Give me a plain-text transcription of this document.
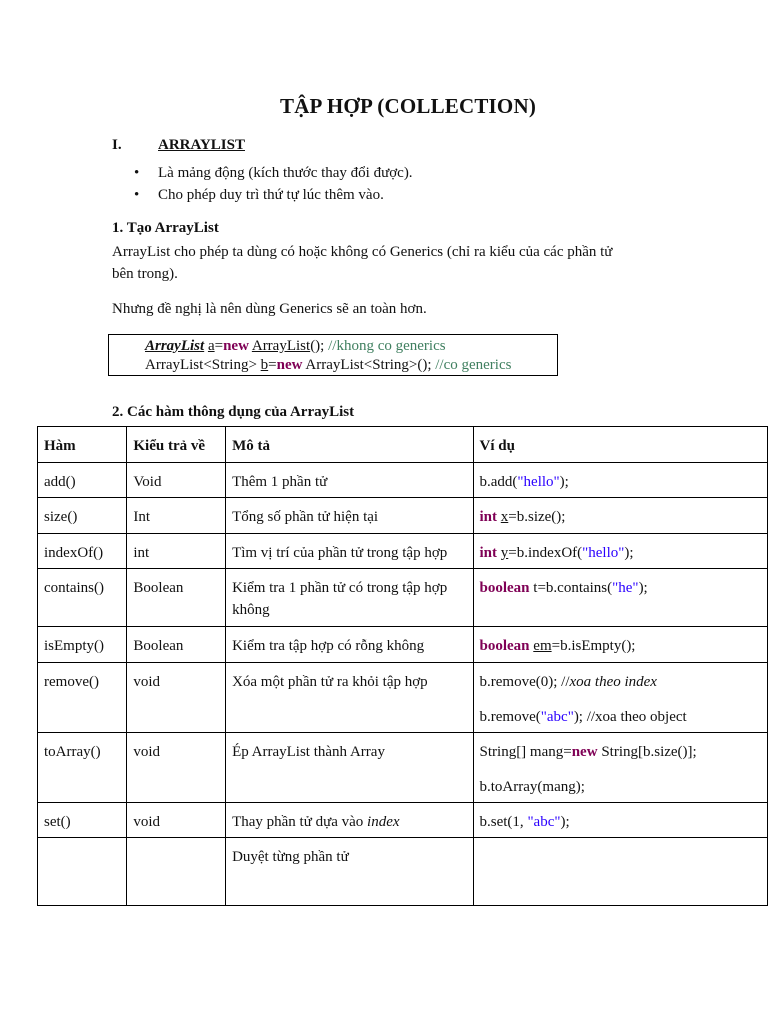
TẬP HỢP (COLLECTION)
I. ARRAYLIST
• Là mảng động (kích thước thay đổi được).
• Cho phép duy trì thứ tự lúc thêm vào.
1. Tạo ArrayList
ArrayList cho phép ta dùng có hoặc không có Generics (chỉ ra kiểu của các phần tử
bên trong).
Nhưng đề nghị là nên dùng Generics sẽ an toàn hơn.
ArrayList a=new ArrayList(); //khong co generics
ArrayList<String> b=new ArrayList<String>(); //co generics
2. Các hàm thông dụng của ArrayList
Hàm	Kiểu trả về	Mô tả	Ví dụ
add()	Void	Thêm 1 phần tử	b.add("hello");
size()	Int	Tổng số phần tử hiện tại	int x=b.size();
indexOf()	int	Tìm vị trí của phần tử trong tập hợp	int y=b.indexOf("hello");
contains()	Boolean	Kiểm tra 1 phần tử có trong tập hợp không	boolean t=b.contains("he");
isEmpty()	Boolean	Kiểm tra tập hợp có rỗng không	boolean em=b.isEmpty();
remove()	void	Xóa một phần tử ra khỏi tập hợp	b.remove(0); //xoa theo index

b.remove("abc"); //xoa theo object

toArray()	void	Ép ArrayList thành Array	String[] mang=new String[b.size()];

b.toArray(mang);

set()	void	Thay phần tử dựa vào index	b.set(1, "abc");
		Duyệt từng phần tử	
